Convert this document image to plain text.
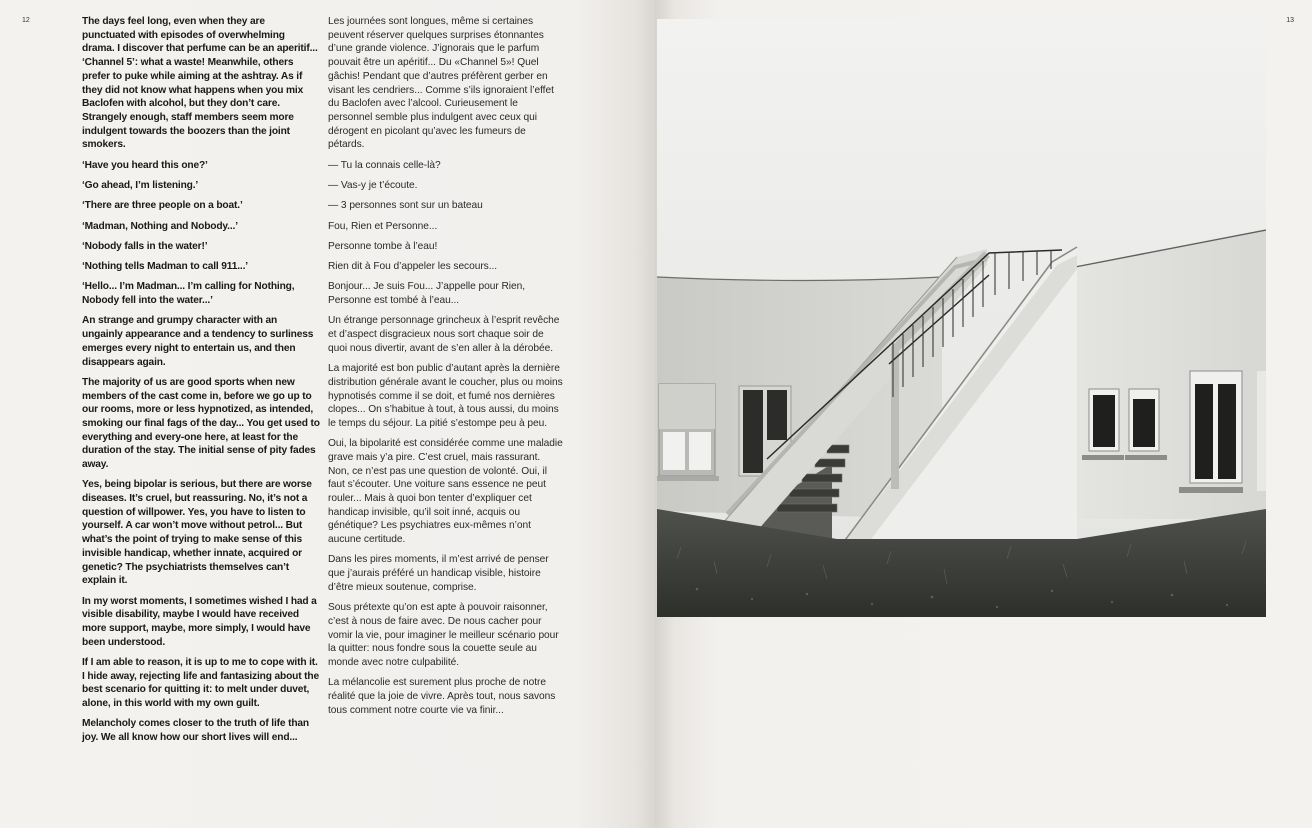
12	The days feel long, even when they are punctuated with episodes of overwhelming drama. I discover that perfume can be an aperitif... ‘Channel 5’: what a waste! Meanwhile, others prefer to puke while aiming at the ashtray. As if they did not know what happens when you mix Baclofen with alcohol, but they don’t care. Strangely enough, staff members seem more indulgent towards the boozers than the joint smokers.

‘Have you heard this one?’

‘Go ahead, I’m listening.’

‘There are three people on a boat.’

‘Madman, Nothing and Nobody...’

‘Nobody falls in the water!’

‘Nothing tells Madman to call 911...’

‘Hello... I’m Madman... I’m calling for Nothing, Nobody fell into the water...’

An strange and grumpy character with an ungainly appearance and a tendency to surliness emerges every night to entertain us, and then disappears again.

The majority of us are good sports when new members of the cast come in, before we go up to our rooms, more or less hypnotized, as intended, smoking our final fags of the day... You get used to everything and every-one here, at least for the duration of the stay. The initial sense of pity fades away.

Yes, being bipolar is serious, but there are worse diseases. It’s cruel, but reassuring. No, it’s not a question of willpower. Yes, you have to listen to yourself. A car won’t move without petrol... But what’s the point of trying to make sense of this invisible handicap, whether innate, acquired or genetic? The psychiatrists themselves can’t explain it.

In my worst moments, I sometimes wished I had a visible disability, maybe I would have received more support, maybe, more simply, I would have been understood.

If I am able to reason, it is up to me to cope with it. I hide away, rejecting life and fantasizing about the best scenario for quitting it: to melt under duvet, alone, in this world with my own guilt.

Melancholy comes closer to the truth of life than joy. We all know how our short lives will end...

Les journées sont longues, même si certaines peuvent réserver quelques surprises étonnantes d’une grande violence. J’ignorais que le parfum pouvait être un apéritif... Du «Channel 5»! Quel gâchis! Pendant que d’autres préfèrent gerber en visant les cendriers... Comme s’ils ignoraient l’effet du Baclofen avec l’alcool. Curieusement le personnel semble plus indulgent avec ceux qui dérogent en picolant qu’avec les fumeurs de pétards.

— Tu la connais celle-là?

— Vas-y je t’écoute.

— 3 personnes sont sur un bateau

Fou, Rien et Personne...

Personne tombe à l’eau!

Rien dit à Fou d’appeler les secours...

Bonjour... Je suis Fou... J’appelle pour Rien, Personne est tombé à l’eau...

Un étrange personnage grincheux à l’esprit revêche et d’aspect disgracieux nous sort chaque soir de quoi nous divertir, avant de s’en aller à la dérobée.

La majorité est bon public d’autant après la dernière distribution générale avant le coucher, plus ou moins hypnotisés comme il se doit, et fumé nos dernières clopes... On s’habitue à tout, à tous aussi, du moins le temps du séjour. La pitié s’estompe peu à peu.

Oui, la bipolarité est considérée comme une maladie grave mais y’a pire. C’est cruel, mais rassurant. Non, ce n’est pas une question de volonté. Oui, il faut s’écouter. Une voiture sans essence ne peut rouler... Mais à quoi bon tenter d’expliquer cet handicap invisible, qu’il soit inné, acquis ou génétique? Les psychiatres eux-mêmes n’ont aucune certitude.

Dans les pires moments, il m’est arrivé de penser que j’aurais préféré un handicap visible, histoire d’être mieux soutenue, comprise.

Sous prétexte qu’on est apte à pouvoir raisonner, c’est à nous de faire avec. De nous cacher pour vomir la vie, pour imaginer le meilleur scénario pour la quitter: nous fondre sous la couette seule au monde avec notre culpabilité.

La mélancolie est surement plus proche de notre réalité que la joie de vivre. Après tout, nous savons tous comment notre courte vie va finir...

13
